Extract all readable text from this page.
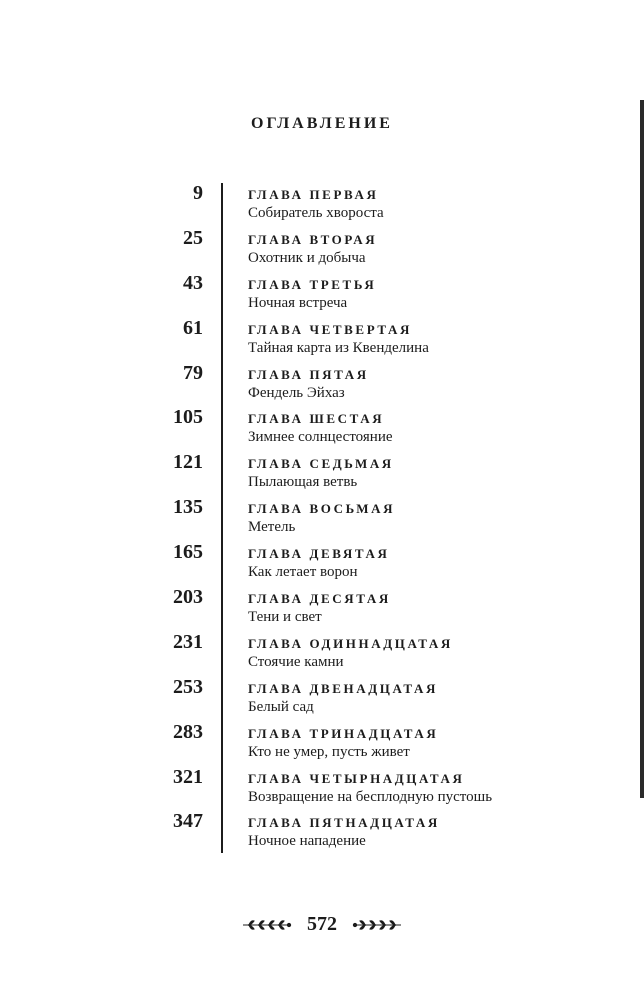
оглавление
9	ГЛАВА ПЕРВАЯ
Собиратель хвороста
25	ГЛАВА ВТОРАЯ
Охотник и добыча
43	ГЛАВА ТРЕТЬЯ
Ночная встреча
61	ГЛАВА ЧЕТВЕРТАЯ
Тайная карта из Квенделина
79	ГЛАВА ПЯТАЯ
Фендель Эйхаз
105	ГЛАВА ШЕСТАЯ
Зимнее солнцестояние
121	ГЛАВА СЕДЬМАЯ
Пылающая ветвь
135	ГЛАВА ВОСЬМАЯ
Метель
165	ГЛАВА ДЕВЯТАЯ
Как летает ворон
203	ГЛАВА ДЕСЯТАЯ
Тени и свет
231	ГЛАВА ОДИННАДЦАТАЯ
Стоячие камни
253	ГЛАВА ДВЕНАДЦАТАЯ
Белый сад
283	ГЛАВА ТРИНАДЦАТАЯ
Кто не умер, пусть живет
321	ГЛАВА ЧЕТЫРНАДЦАТАЯ
Возвращение на бесплодную пустошь
347	ГЛАВА ПЯТНАДЦАТАЯ
Ночное нападение
572
